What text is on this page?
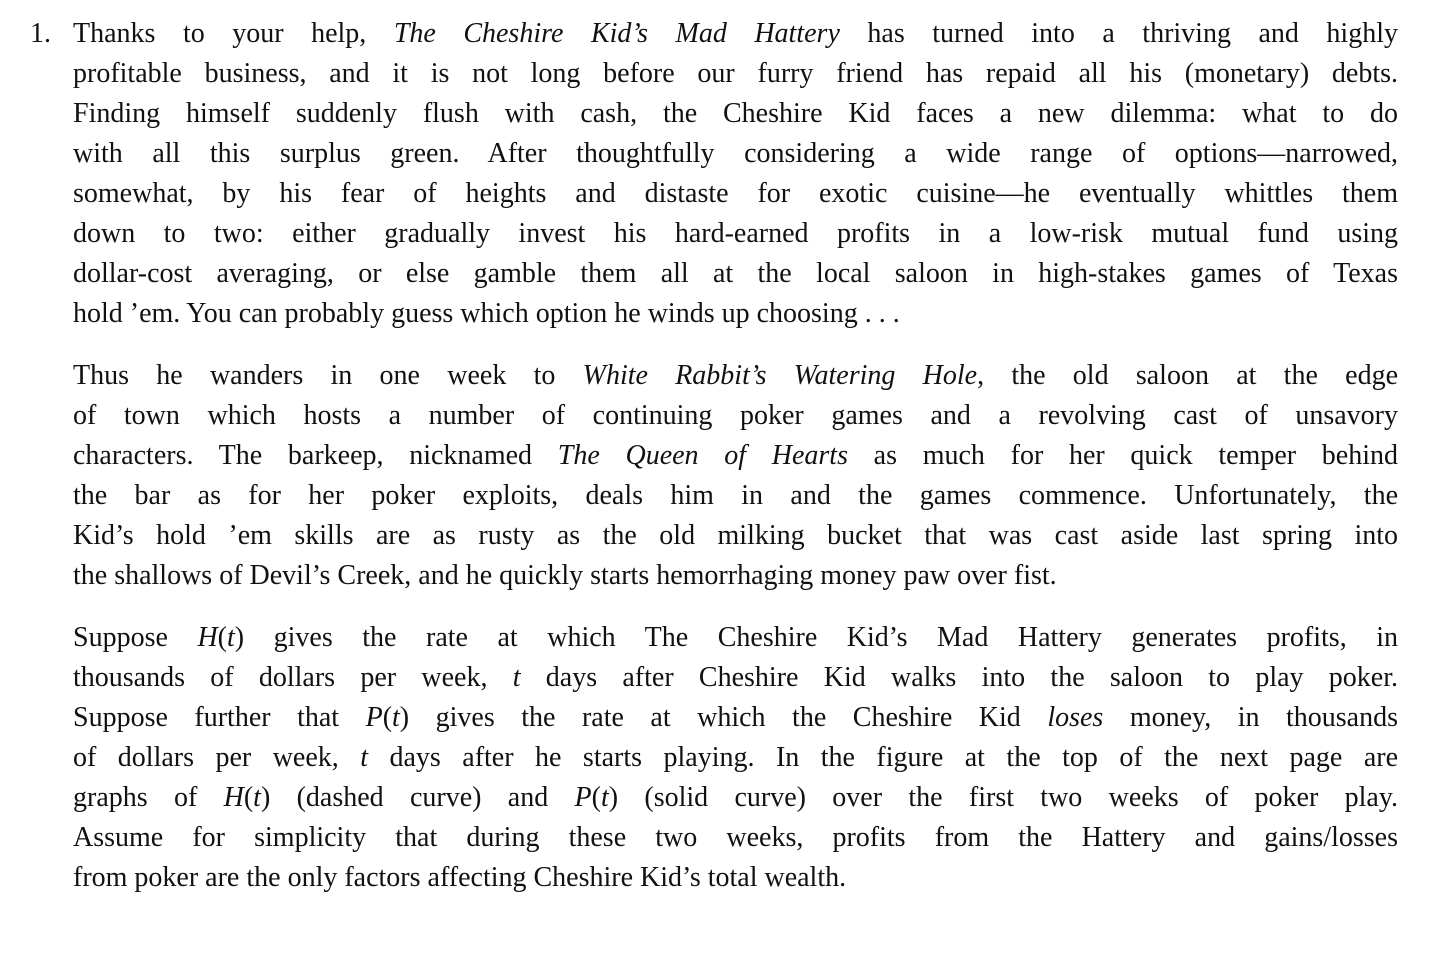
1. Thanks to your help, The Cheshire Kid’s Mad Hattery has turned into a thriving and highly
profitable business, and it is not long before our furry friend has repaid all his (monetary) debts.
Finding himself suddenly flush with cash, the Cheshire Kid faces a new dilemma: what to do
with all this surplus green. After thoughtfully considering a wide range of options—narrowed,
somewhat, by his fear of heights and distaste for exotic cuisine—he eventually whittles them
down to two: either gradually invest his hard-earned profits in a low-risk mutual fund using
dollar-cost averaging, or else gamble them all at the local saloon in high-stakes games of Texas
hold ’em. You can probably guess which option he winds up choosing . . .

Thus he wanders in one week to White Rabbit’s Watering Hole, the old saloon at the edge
of town which hosts a number of continuing poker games and a revolving cast of unsavory
characters. The barkeep, nicknamed The Queen of Hearts as much for her quick temper behind
the bar as for her poker exploits, deals him in and the games commence. Unfortunately, the
Kid’s hold ’em skills are as rusty as the old milking bucket that was cast aside last spring into
the shallows of Devil’s Creek, and he quickly starts hemorrhaging money paw over fist.

Suppose H(t) gives the rate at which The Cheshire Kid’s Mad Hattery generates profits, in
thousands of dollars per week, t days after Cheshire Kid walks into the saloon to play poker.
Suppose further that P(t) gives the rate at which the Cheshire Kid loses money, in thousands
of dollars per week, t days after he starts playing. In the figure at the top of the next page are
graphs of H(t) (dashed curve) and P(t) (solid curve) over the first two weeks of poker play.
Assume for simplicity that during these two weeks, profits from the Hattery and gains/losses
from poker are the only factors affecting Cheshire Kid’s total wealth.
